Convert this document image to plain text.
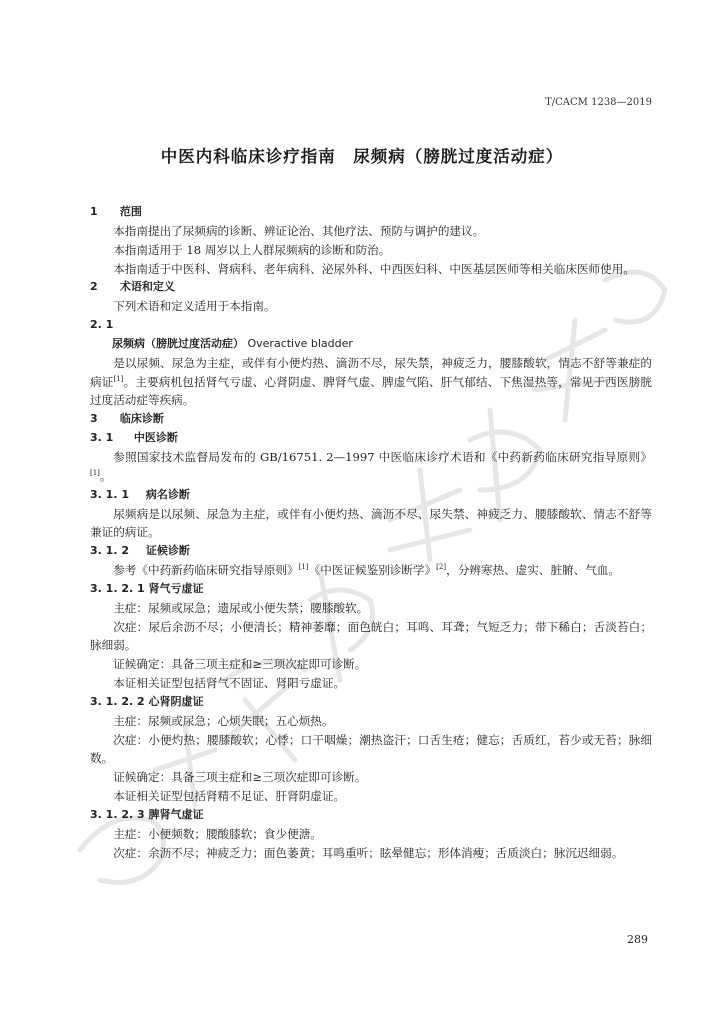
T/CACM 1238—2019
中医内科临床诊疗指南　尿频病（膀胱过度活动症）

1 范围

本指南提出了尿频病的诊断、辨证论治、其他疗法、预防与调护的建议。

本指南适用于 18 周岁以上人群尿频病的诊断和防治。

本指南适于中医科、肾病科、老年病科、泌尿外科、中西医妇科、中医基层医师等相关临床医师使用。

2 术语和定义

下列术语和定义适用于本指南。

2. 1

尿频病（膀胱过度活动症） Overactive bladder

是以尿频、尿急为主症，或伴有小便灼热、滴沥不尽，尿失禁，神疲乏力，腰膝酸软，情志不舒等兼症的病证[1]。主要病机包括肾气亏虚、心肾阴虚、脾肾气虚、脾虚气陷、肝气郁结、下焦湿热等，常见于西医膀胱过度活动症等疾病。

3 临床诊断

3. 1 中医诊断

参照国家技术监督局发布的 GB/16751. 2—1997 中医临床诊疗术语和《中药新药临床研究指导原则》[1]。

3. 1. 1 病名诊断

尿频病是以尿频、尿急为主症，或伴有小便灼热、滴沥不尽、尿失禁、神疲乏力、腰膝酸软、情志不舒等兼证的病证。

3. 1. 2 证候诊断

参考《中药新药临床研究指导原则》[1]《中医证候鉴别诊断学》[2]，分辨寒热、虚实、脏腑、气血。

3. 1. 2. 1 肾气亏虚证

主症：尿频或尿急；遗尿或小便失禁；腰膝酸软。

次症：尿后余沥不尽；小便清长；精神萎靡；面色㿠白；耳鸣、耳聋；气短乏力；带下稀白；舌淡苔白；脉细弱。

证候确定：具备三项主症和≥三项次症即可诊断。

本证相关证型包括肾气不固证、肾阳亏虚证。

3. 1. 2. 2 心肾阴虚证

主症：尿频或尿急；心烦失眠；五心烦热。

次症：小便灼热；腰膝酸软；心悸；口干咽燥；潮热盗汗；口舌生疮；健忘；舌质红，苔少或无苔；脉细数。

证候确定：具备三项主症和≥三项次症即可诊断。

本证相关证型包括肾精不足证、肝肾阴虚证。

3. 1. 2. 3 脾肾气虚证

主症：小便频数；腰酸膝软；食少便溏。

次症：余沥不尽；神疲乏力；面色萎黄；耳鸣重听；眩晕健忘；形体消瘦；舌质淡白；脉沉迟细弱。

289
